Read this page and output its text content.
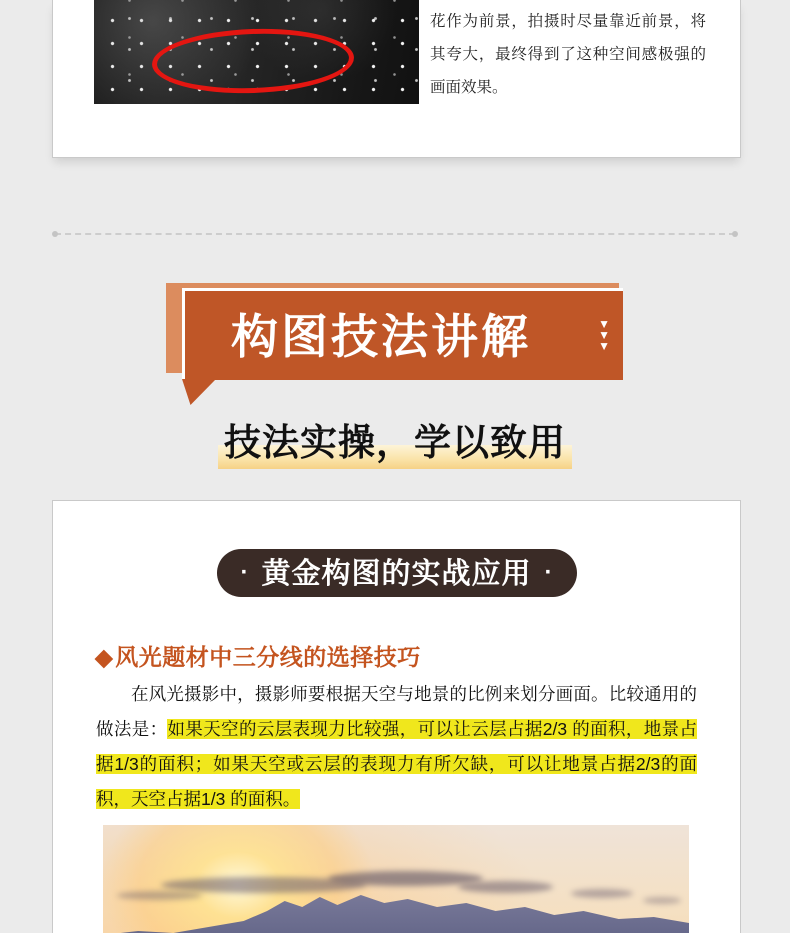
花作为前景，拍摄时尽量靠近前景，将其夸大，最终得到了这种空间感极强的画面效果。
构图技法讲解	▼
▼
▼
技法实操，学以致用
· 黄金构图的实战应用 ·
◆风光题材中三分线的选择技巧

在风光摄影中，摄影师要根据天空与地景的比例来划分画面。比较通用的做法是：如果天空的云层表现力比较强，可以让云层占据2/3 的面积，地景占据1/3的面积；如果天空或云层的表现力有所欠缺，可以让地景占据2/3的面积，天空占据1/3 的面积。
